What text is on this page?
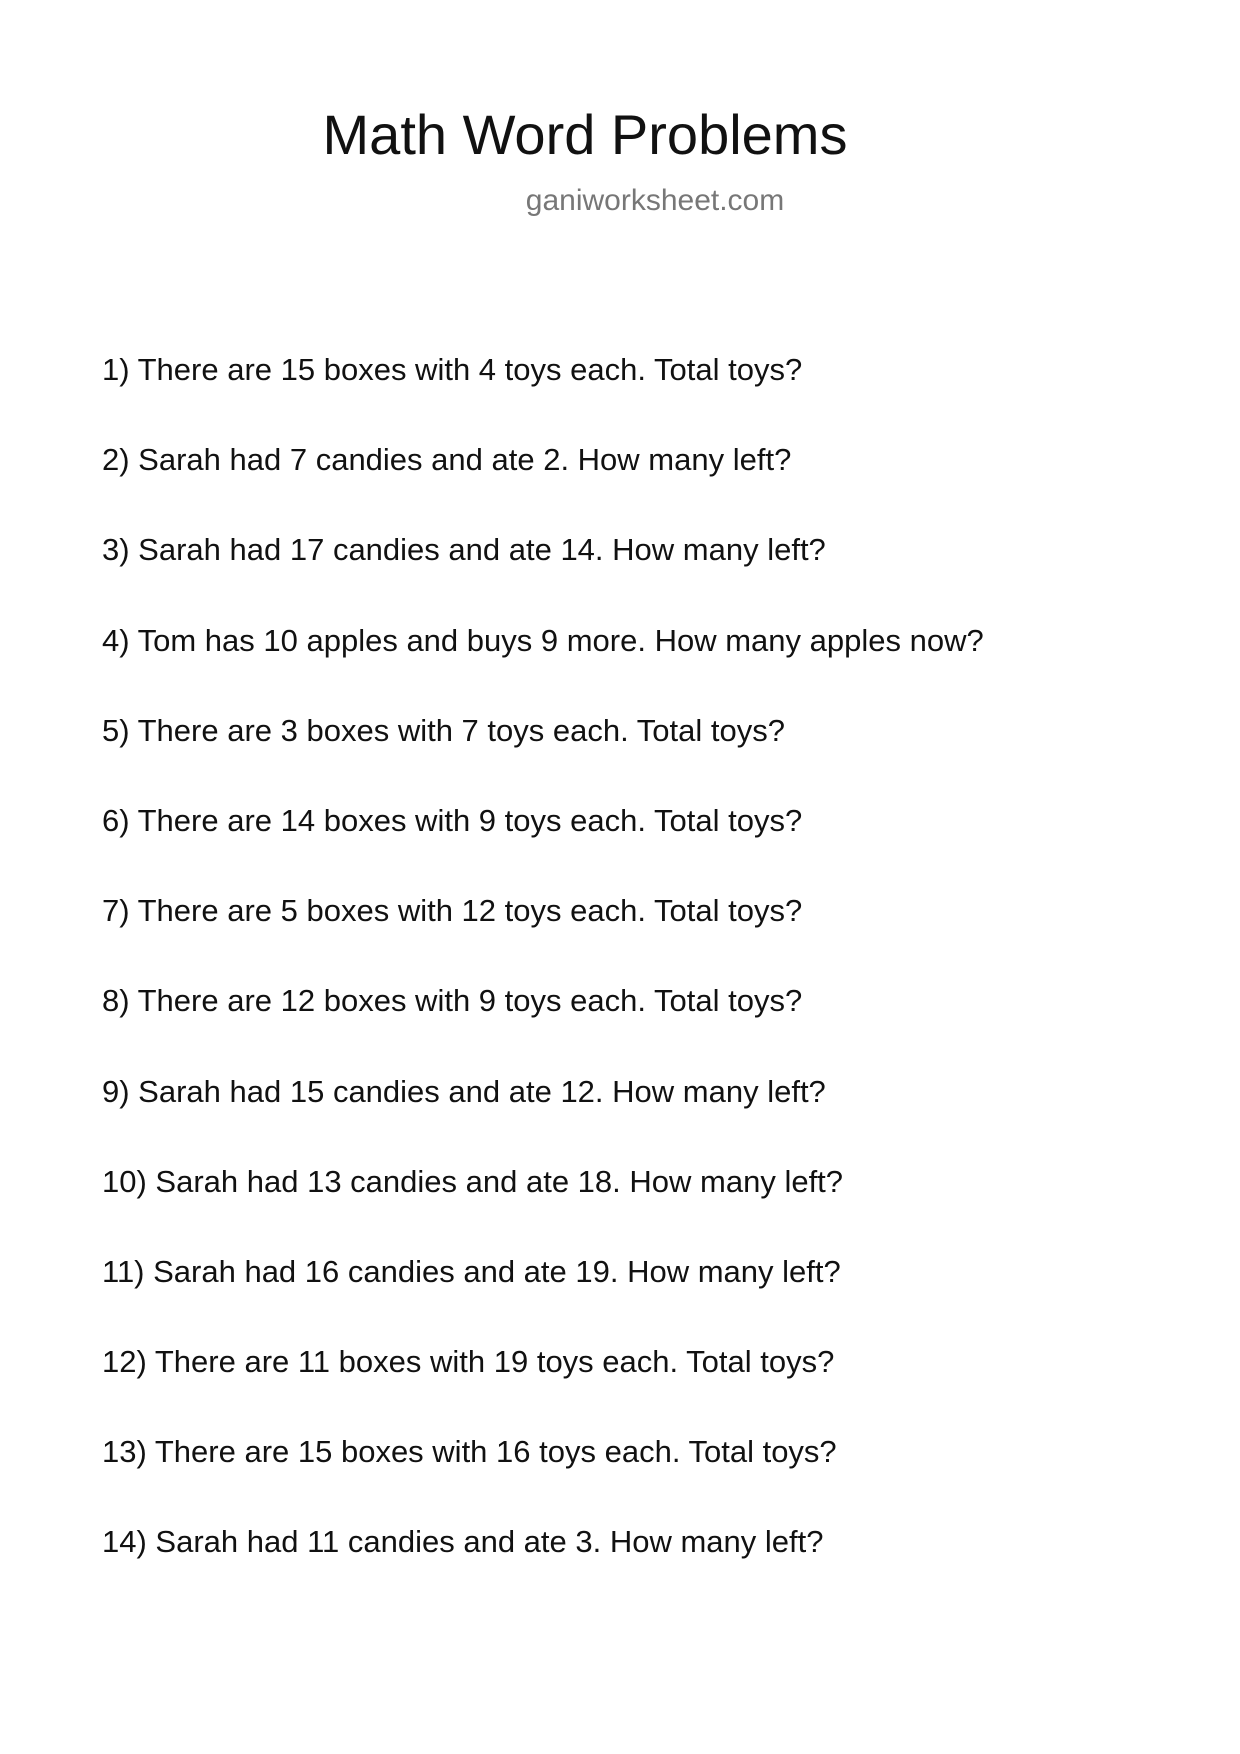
Math Word Problems
ganiworksheet.com
1) There are 15 boxes with 4 toys each. Total toys?
2) Sarah had 7 candies and ate 2. How many left?
3) Sarah had 17 candies and ate 14. How many left?
4) Tom has 10 apples and buys 9 more. How many apples now?
5) There are 3 boxes with 7 toys each. Total toys?
6) There are 14 boxes with 9 toys each. Total toys?
7) There are 5 boxes with 12 toys each. Total toys?
8) There are 12 boxes with 9 toys each. Total toys?
9) Sarah had 15 candies and ate 12. How many left?
10) Sarah had 13 candies and ate 18. How many left?
11) Sarah had 16 candies and ate 19. How many left?
12) There are 11 boxes with 19 toys each. Total toys?
13) There are 15 boxes with 16 toys each. Total toys?
14) Sarah had 11 candies and ate 3. How many left?
